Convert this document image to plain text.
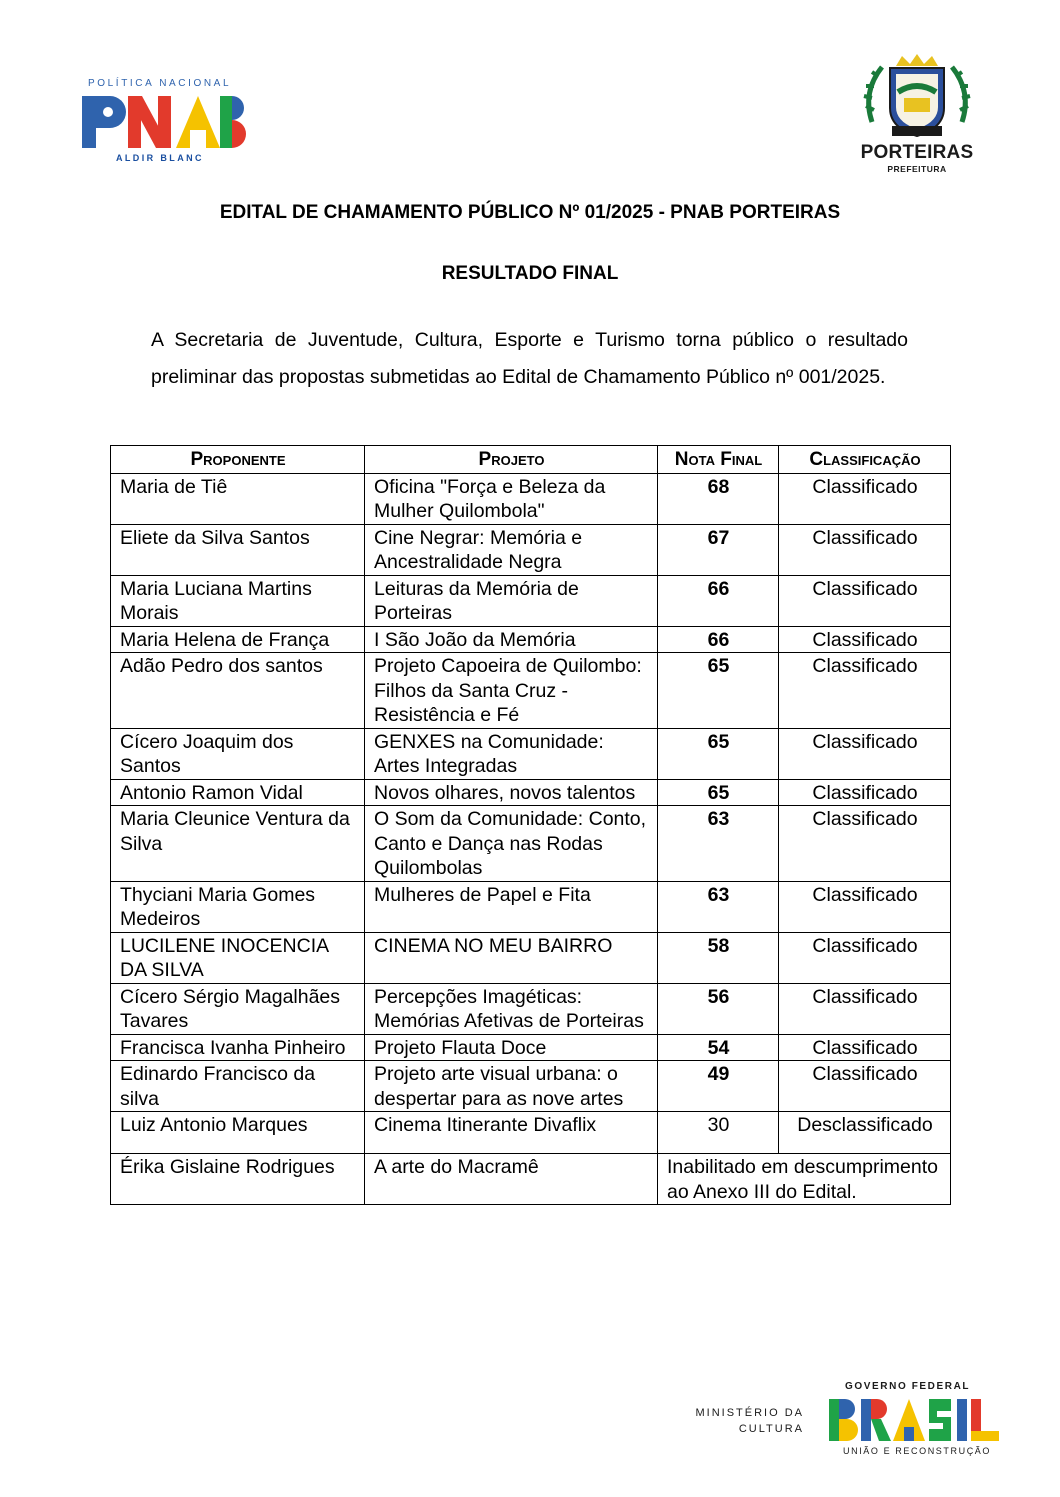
POLÍTICA NACIONAL
ALDIR BLANC	PORTEIRAS
PREFEITURA
EDITAL DE CHAMAMENTO PÚBLICO Nº 01/2025 - PNAB PORTEIRAS
RESULTADO FINAL
A Secretaria de Juventude, Cultura, Esporte e Turismo torna público o resultado preliminar das propostas submetidas ao Edital de Chamamento Público nº 001/2025.
Proponente	Projeto	Nota Final	Classificação
Maria de Tiê	Oficina "Força e Beleza da Mulher Quilombola"	68	Classificado
Eliete da Silva Santos	Cine Negrar: Memória e Ancestralidade Negra	67	Classificado
Maria Luciana Martins Morais	Leituras da Memória de Porteiras	66	Classificado
Maria Helena de França	I São João da Memória	66	Classificado
Adão Pedro dos santos	Projeto Capoeira de Quilombo: Filhos da Santa Cruz - Resistência e Fé	65	Classificado
Cícero Joaquim dos Santos	GENXES na Comunidade: Artes Integradas	65	Classificado
Antonio Ramon Vidal	Novos olhares, novos talentos	65	Classificado
Maria Cleunice Ventura da Silva	O Som da Comunidade: Conto, Canto e Dança nas Rodas Quilombolas	63	Classificado
Thyciani Maria Gomes Medeiros	Mulheres de Papel e Fita	63	Classificado
LUCILENE INOCENCIA DA SILVA	CINEMA NO MEU BAIRRO	58	Classificado
Cícero Sérgio Magalhães Tavares	Percepções Imagéticas: Memórias Afetivas de Porteiras	56	Classificado
Francisca Ivanha Pinheiro	Projeto Flauta Doce	54	Classificado
Edinardo Francisco da silva	Projeto arte visual urbana: o despertar para as nove artes	49	Classificado
Luiz Antonio Marques	Cinema Itinerante Divaflix	30	Desclassificado
Érika Gislaine Rodrigues	A arte do Macramê	Inabilitado em descumprimento ao Anexo III do Edital.	
MINISTÉRIO DA
CULTURA
GOVERNO FEDERAL
UNIÃO E RECONSTRUÇÃO
